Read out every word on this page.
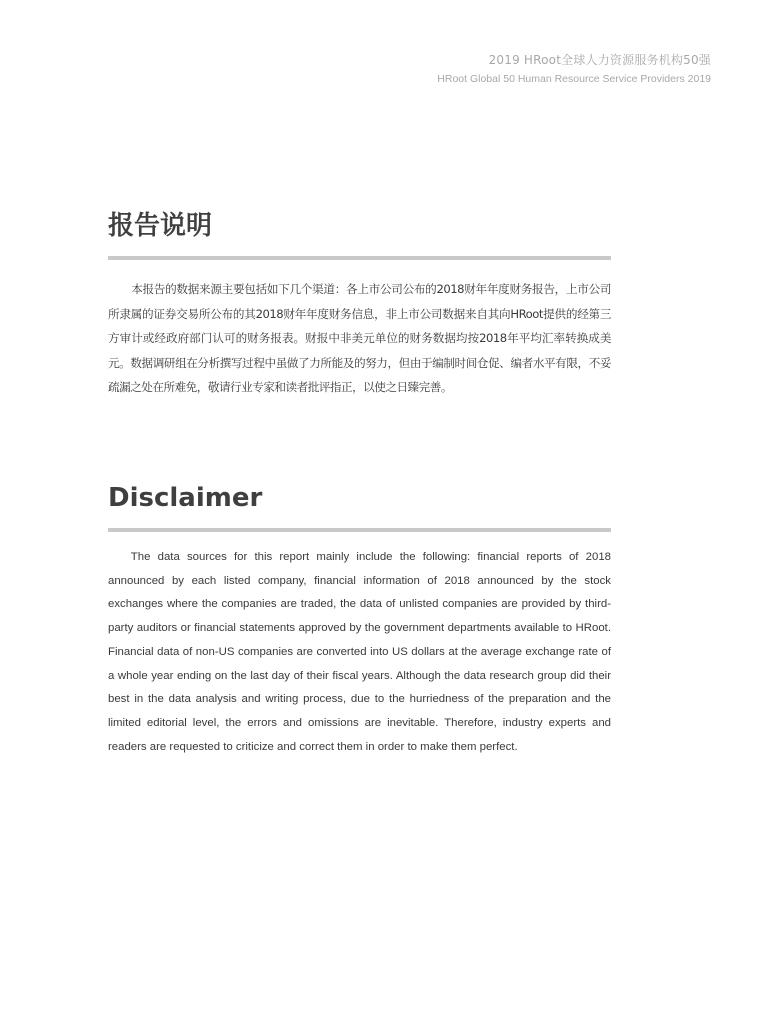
2019 HRoot全球人力资源服务机构50强
HRoot Global 50 Human Resource Service Providers 2019
报告说明

本报告的数据来源主要包括如下几个渠道：各上市公司公布的2018财年年度财务报告，上市公司所隶属的证券交易所公布的其2018财年年度财务信息，非上市公司数据来自其向HRoot提供的经第三方审计或经政府部门认可的财务报表。财报中非美元单位的财务数据均按2018年平均汇率转换成美元。数据调研组在分析撰写过程中虽做了力所能及的努力，但由于编制时间仓促、编者水平有限，不妥疏漏之处在所难免，敬请行业专家和读者批评指正，以使之日臻完善。

Disclaimer

The data sources for this report mainly include the following: financial reports of 2018 announced by each listed company, financial information of 2018 announced by the stock exchanges where the companies are traded, the data of unlisted companies are provided by third-party auditors or financial statements approved by the government departments available to HRoot. Financial data of non-US companies are converted into US dollars at the average exchange rate of a whole year ending on the last day of their fiscal years. Although the data research group did their best in the data analysis and writing process, due to the hurriedness of the preparation and the limited editorial level, the errors and omissions are inevitable. Therefore, industry experts and readers are requested to criticize and correct them in order to make them perfect.
